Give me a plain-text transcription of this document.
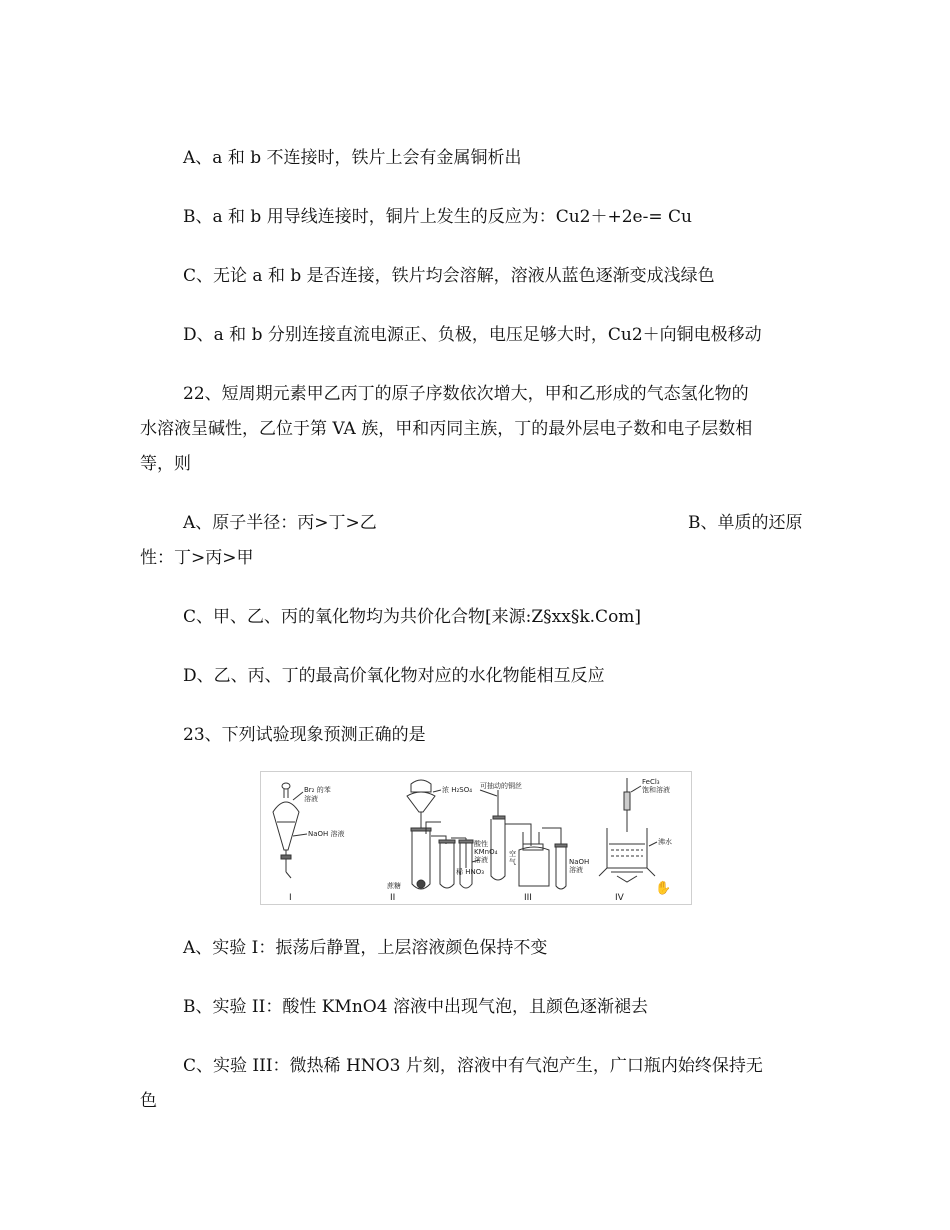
A、a 和 b 不连接时，铁片上会有金属铜析出
B、a 和 b 用导线连接时，铜片上发生的反应为：Cu2＋+2e-= Cu
C、无论 a 和 b 是否连接，铁片均会溶解，溶液从蓝色逐渐变成浅绿色
D、a 和 b 分别连接直流电源正、负极，电压足够大时，Cu2＋向铜电极移动
22、短周期元素甲乙丙丁的原子序数依次增大，甲和乙形成的气态氢化物的
水溶液呈碱性，乙位于第 VA 族，甲和丙同主族，丁的最外层电子数和电子层数相
等，则
A、原子半径：丙>丁>乙	B、单质的还原
性：丁>丙>甲
C、甲、乙、丙的氧化物均为共价化合物[来源:Z§xx§k.Com]
D、乙、丙、丁的最高价氧化物对应的水化物能相互反应
23、下列试验现象预测正确的是
✋
Br₂ 的苯
溶液
NaOH 溶液
浓 H₂SO₄
蔗糖
酸性
KMnO₄
溶液
可抽动的铜丝
空
气
稀 HNO₃
NaOH
溶液
FeCl₃
饱和溶液
沸水
I	II	III	IV
A、实验 I：振荡后静置，上层溶液颜色保持不变
B、实验 II：酸性 KMnO4 溶液中出现气泡，且颜色逐渐褪去
C、实验 III：微热稀 HNO3 片刻，溶液中有气泡产生，广口瓶内始终保持无
色
